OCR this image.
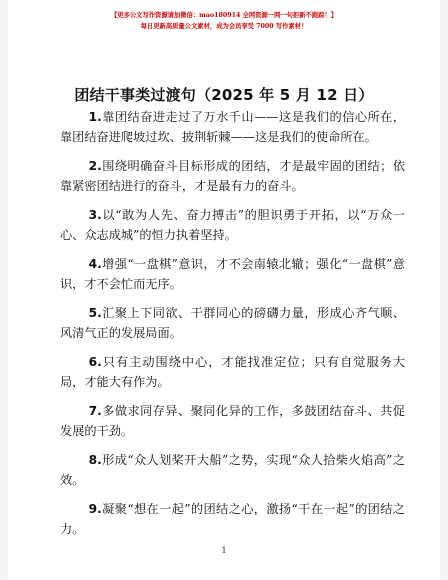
【更多公文写作资源请加微信：mao180914 全网资源一网一句拒新不跟踪！】
每日更新高质量公文素材，成为会员享受 7000 写作素材！
团结干事类过渡句（2025 年 5 月 12 日）

1.靠团结奋进走过了万水千山——这是我们的信心所在，靠团结奋进爬坡过坎、披荆斩棘——这是我们的使命所在。

2.围绕明确奋斗目标形成的团结，才是最牢固的团结；依靠紧密团结进行的奋斗，才是最有力的奋斗。

3.以“敢为人先、奋力搏击”的胆识勇于开拓，以“万众一心、众志成城”的恒力执着坚持。

4.增强“一盘棋”意识，才不会南辕北辙；强化“一盘棋”意识，才不会忙而无序。

5.汇聚上下同欲、干群同心的磅礴力量，形成心齐气顺、风清气正的发展局面。

6.只有主动围绕中心，才能找准定位；只有自觉服务大局，才能大有作为。

7.多做求同存异、聚同化异的工作，多鼓团结奋斗、共促发展的干劲。

8.形成“众人划桨开大船”之势，实现“众人拾柴火焰高”之效。

9.凝聚“想在一起”的团结之心，激扬“干在一起”的团结之力。

1
